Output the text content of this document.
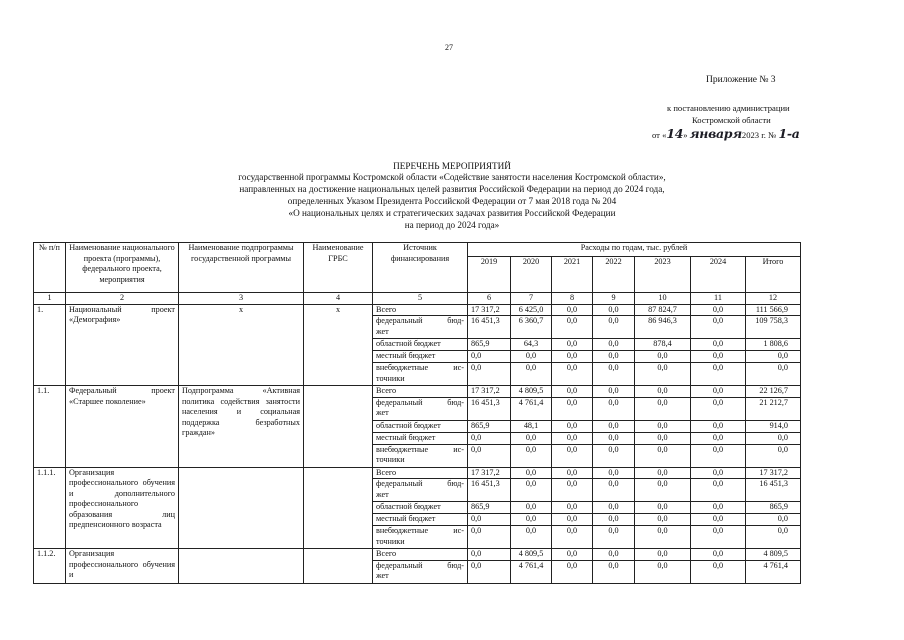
27
Приложение № 3
к постановлению администрации
Костромской области
от «14» января2023 г. № 1-а
ПЕРЕЧЕНЬ МЕРОПРИЯТИЙ
государственной программы Костромской области «Содействие занятости населения Костромской области»,
направленных на достижение национальных целей развития Российской Федерации на период до 2024 года,
определенных Указом Президента Российской Федерации от 7 мая 2018 года № 204
«О национальных целях и стратегических задачах развития Российской Федерации
на период до 2024 года»
№ п/п	Наименование национального проекта (программы), федерального проекта, мероприятия	Наименование подпрограммы государственной программы	Наименование ГРБС	Источник финансирования	Расходы по годам, тыс. рублей						
					2019	2020	2021	2022	2023	2024	Итого
1	2	3	4	5	6	7	8	9	10	11	12
1.	Национальный проект «Демография»	х	х	Всего	17 317,2	6 425,0	0,0	0,0	87 824,7	0,0	111 566,9

				федеральный бюд-
жет	16 451,3	6 360,7	0,0	0,0	86 946,3	0,0	109 758,3

				областной бюджет	865,9	64,3	0,0	0,0	878,4	0,0	1 808,6

				местный бюджет	0,0	0,0	0,0	0,0	0,0	0,0	0,0

				внебюджетные ис-
точники	0,0	0,0	0,0	0,0	0,0	0,0	0,0
1.1.	Федеральный проект «Старшее поколение»	Подпрограмма «Активная политика содействия занятости населения и социальная поддержка безработных граждан»		Всего	17 317,2	4 809,5	0,0	0,0	0,0	0,0	22 126,7

				федеральный бюд-
жет	16 451,3	4 761,4	0,0	0,0	0,0	0,0	21 212,7

				областной бюджет	865,9	48,1	0,0	0,0	0,0	0,0	914,0

				местный бюджет	0,0	0,0	0,0	0,0	0,0	0,0	0,0

				внебюджетные ис-
точники	0,0	0,0	0,0	0,0	0,0	0,0	0,0
1.1.1.	Организация профессионального обучения и дополнительного профессионального образования лиц предпенсионного возраста			Всего	17 317,2	0,0	0,0	0,0	0,0	0,0	17 317,2

				федеральный бюд-
жет	16 451,3	0,0	0,0	0,0	0,0	0,0	16 451,3

				областной бюджет	865,9	0,0	0,0	0,0	0,0	0,0	865,9

				местный бюджет	0,0	0,0	0,0	0,0	0,0	0,0	0,0

				внебюджетные ис-
точники	0,0	0,0	0,0	0,0	0,0	0,0	0,0
1.1.2.	Организация профессионального обучения и			Всего	0,0	4 809,5	0,0	0,0	0,0	0,0	4 809,5

				федеральный бюд-
жет	0,0	4 761,4	0,0	0,0	0,0	0,0	4 761,4
